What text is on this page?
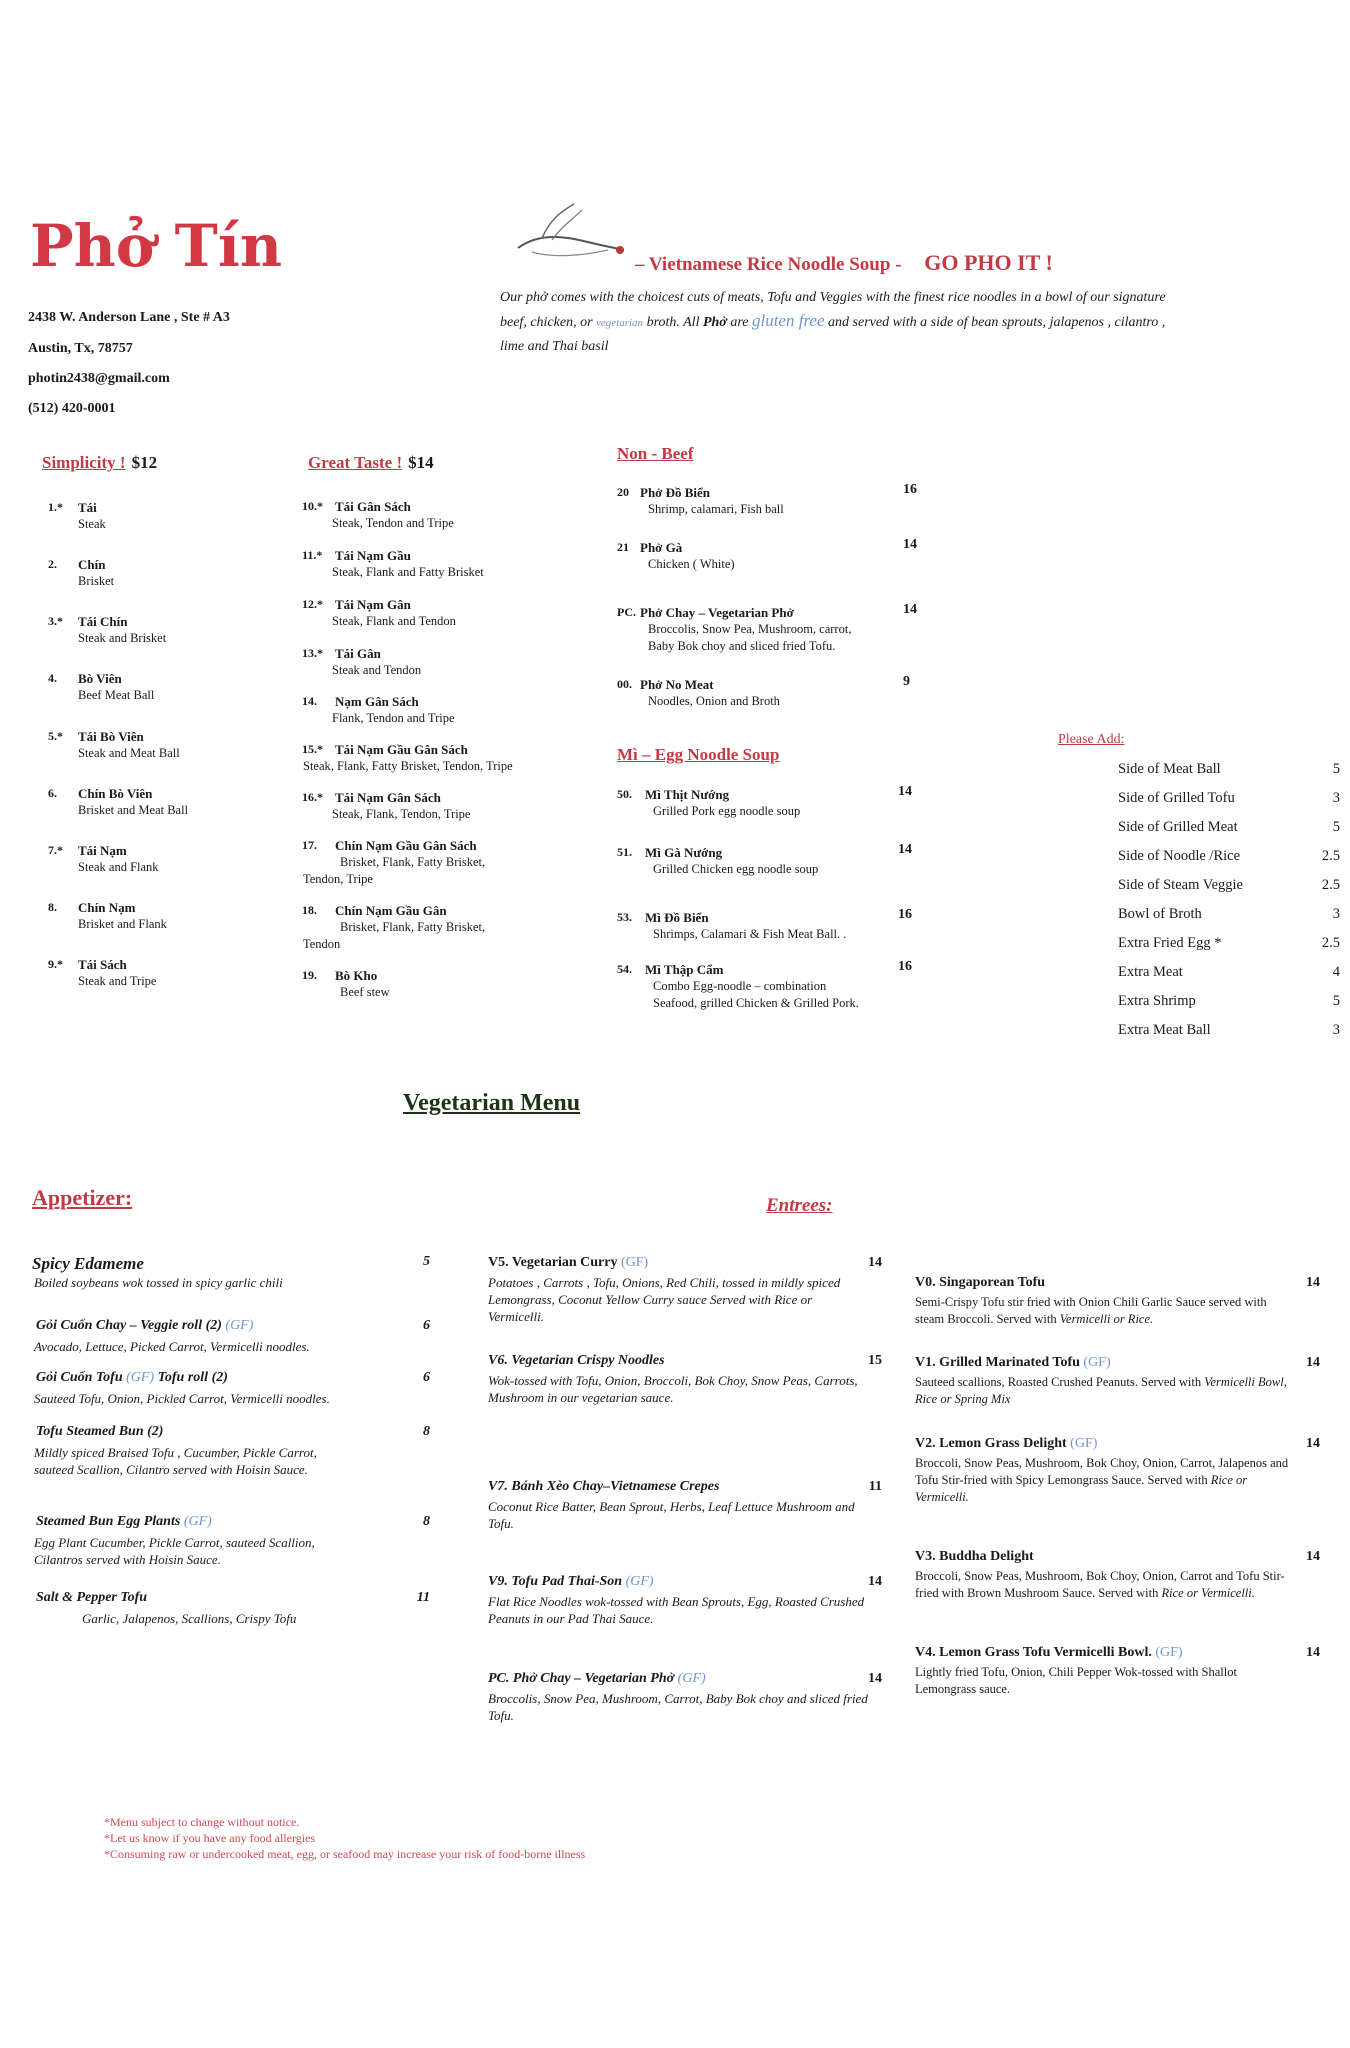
Phở Tín
2438 W. Anderson Lane , Ste # A3
Austin, Tx, 78757
photin2438@gmail.com
(512) 420-0001
– Vietnamese Rice Noodle Soup - GO PHO IT !
Our phở comes with the choicest cuts of meats, Tofu and Veggies with the finest rice noodles in a bowl of our signature beef, chicken, or vegetarian broth. All Phở are gluten free and served with a side of bean sprouts, jalapenos , cilantro , lime and Thai basil
Simplicity ! $12
1.* Tái
Steak
2. Chín
Brisket
3.* Tái Chín
Steak and Brisket
4. Bò Viên
Beef Meat Ball
5.* Tái Bò Viên
Steak and Meat Ball
6. Chín Bò Viên
Brisket and Meat Ball
7.* Tái Nạm
Steak and Flank
8. Chín Nạm
Brisket and Flank
9.* Tái Sách
Steak and Tripe
Great Taste ! $14
10.* Tái Gân Sách
Steak, Tendon and Tripe
11.* Tái Nạm Gầu
Steak, Flank and Fatty Brisket
12.* Tái Nạm Gân
Steak, Flank and Tendon
13.* Tái Gân
Steak and Tendon
14. Nạm Gân Sách
Flank, Tendon and Tripe
15.* Tái Nạm Gầu Gân Sách
Steak, Flank, Fatty Brisket, Tendon, Tripe
16.* Tái Nạm Gân Sách
Steak, Flank, Tendon, Tripe
17. Chín Nạm Gầu Gân Sách
Brisket, Flank, Fatty Brisket,
Tendon, Tripe
18. Chín Nạm Gầu Gân
Brisket, Flank, Fatty Brisket,
Tendon
19. Bò Kho
Beef stew
Non - Beef
20 Phở Đồ Biển	16
Shrimp, calamari, Fish ball
21 Phở Gà	14
Chicken ( White)
PC. Phở Chay – Vegetarian Phở	14
Broccolis, Snow Pea, Mushroom, carrot,
Baby Bok choy and sliced fried Tofu.
00. Phở No Meat	9
Noodles, Onion and Broth
Mì – Egg Noodle Soup
50. Mì Thịt Nướng	14
Grilled Pork egg noodle soup
51. Mì Gà Nướng	14
Grilled Chicken egg noodle soup
53. Mì Đồ Biển	16
Shrimps, Calamari & Fish Meat Ball. .
54. Mì Thập Cẩm	16
Combo Egg-noodle – combination
Seafood, grilled Chicken & Grilled Pork.
Please Add:
Side of Meat Ball	5
Side of Grilled Tofu	3
Side of Grilled Meat	5
Side of Noodle /Rice	2.5
Side of Steam Veggie	2.5
Bowl of Broth	3
Extra Fried Egg *	2.5
Extra Meat	4
Extra Shrimp	5
Extra Meat Ball	3
Vegetarian Menu
Appetizer:	Entrees:
Spicy Edameme	5
Boiled soybeans wok tossed in spicy garlic chili
Gỏi Cuốn Chay – Veggie roll (2) (GF)	6
Avocado, Lettuce, Picked Carrot, Vermicelli noodles.
Gỏi Cuốn Tofu (GF) Tofu roll (2)	6
Sauteed Tofu, Onion, Pickled Carrot, Vermicelli noodles.
Tofu Steamed Bun (2)	8
Mildly spiced Braised Tofu , Cucumber, Pickle Carrot,
sauteed Scallion, Cilantro served with Hoisin Sauce.
Steamed Bun Egg Plants (GF)	8
Egg Plant Cucumber, Pickle Carrot, sauteed Scallion,
Cilantros served with Hoisin Sauce.
Salt & Pepper Tofu	11
Garlic, Jalapenos, Scallions, Crispy Tofu
V5. Vegetarian Curry (GF)	14
Potatoes , Carrots , Tofu, Onions, Red Chili, tossed in mildly spiced Lemongrass, Coconut Yellow Curry sauce Served with Rice or Vermicelli.
V6. Vegetarian Crispy Noodles	15
Wok-tossed with Tofu, Onion, Broccoli, Bok Choy, Snow Peas, Carrots, Mushroom in our vegetarian sauce.
V7. Bánh Xèo Chay–Vietnamese Crepes	11
Coconut Rice Batter, Bean Sprout, Herbs, Leaf Lettuce Mushroom and Tofu.
V9. Tofu Pad Thai-Son (GF)	14
Flat Rice Noodles wok-tossed with Bean Sprouts, Egg, Roasted Crushed Peanuts in our Pad Thai Sauce.
PC. Phở Chay – Vegetarian Phở (GF)	14
Broccolis, Snow Pea, Mushroom, Carrot, Baby Bok choy and sliced fried Tofu.
V0. Singaporean Tofu	14
Semi-Crispy Tofu stir fried with Onion Chili Garlic Sauce served with steam Broccoli. Served with Vermicelli or Rice.
V1. Grilled Marinated Tofu (GF)	14
Sauteed scallions, Roasted Crushed Peanuts. Served with Vermicelli Bowl, Rice or Spring Mix
V2. Lemon Grass Delight (GF)	14
Broccoli, Snow Peas, Mushroom, Bok Choy, Onion, Carrot, Jalapenos and Tofu Stir-fried with Spicy Lemongrass Sauce. Served with Rice or Vermicelli.
V3. Buddha Delight	14
Broccoli, Snow Peas, Mushroom, Bok Choy, Onion, Carrot and Tofu Stir-fried with Brown Mushroom Sauce. Served with Rice or Vermicelli.
V4. Lemon Grass Tofu Vermicelli Bowl. (GF)	14
Lightly fried Tofu, Onion, Chili Pepper Wok-tossed with Shallot Lemongrass sauce.
*Menu subject to change without notice.
*Let us know if you have any food allergies
*Consuming raw or undercooked meat, egg, or seafood may increase your risk of food-borne illness
